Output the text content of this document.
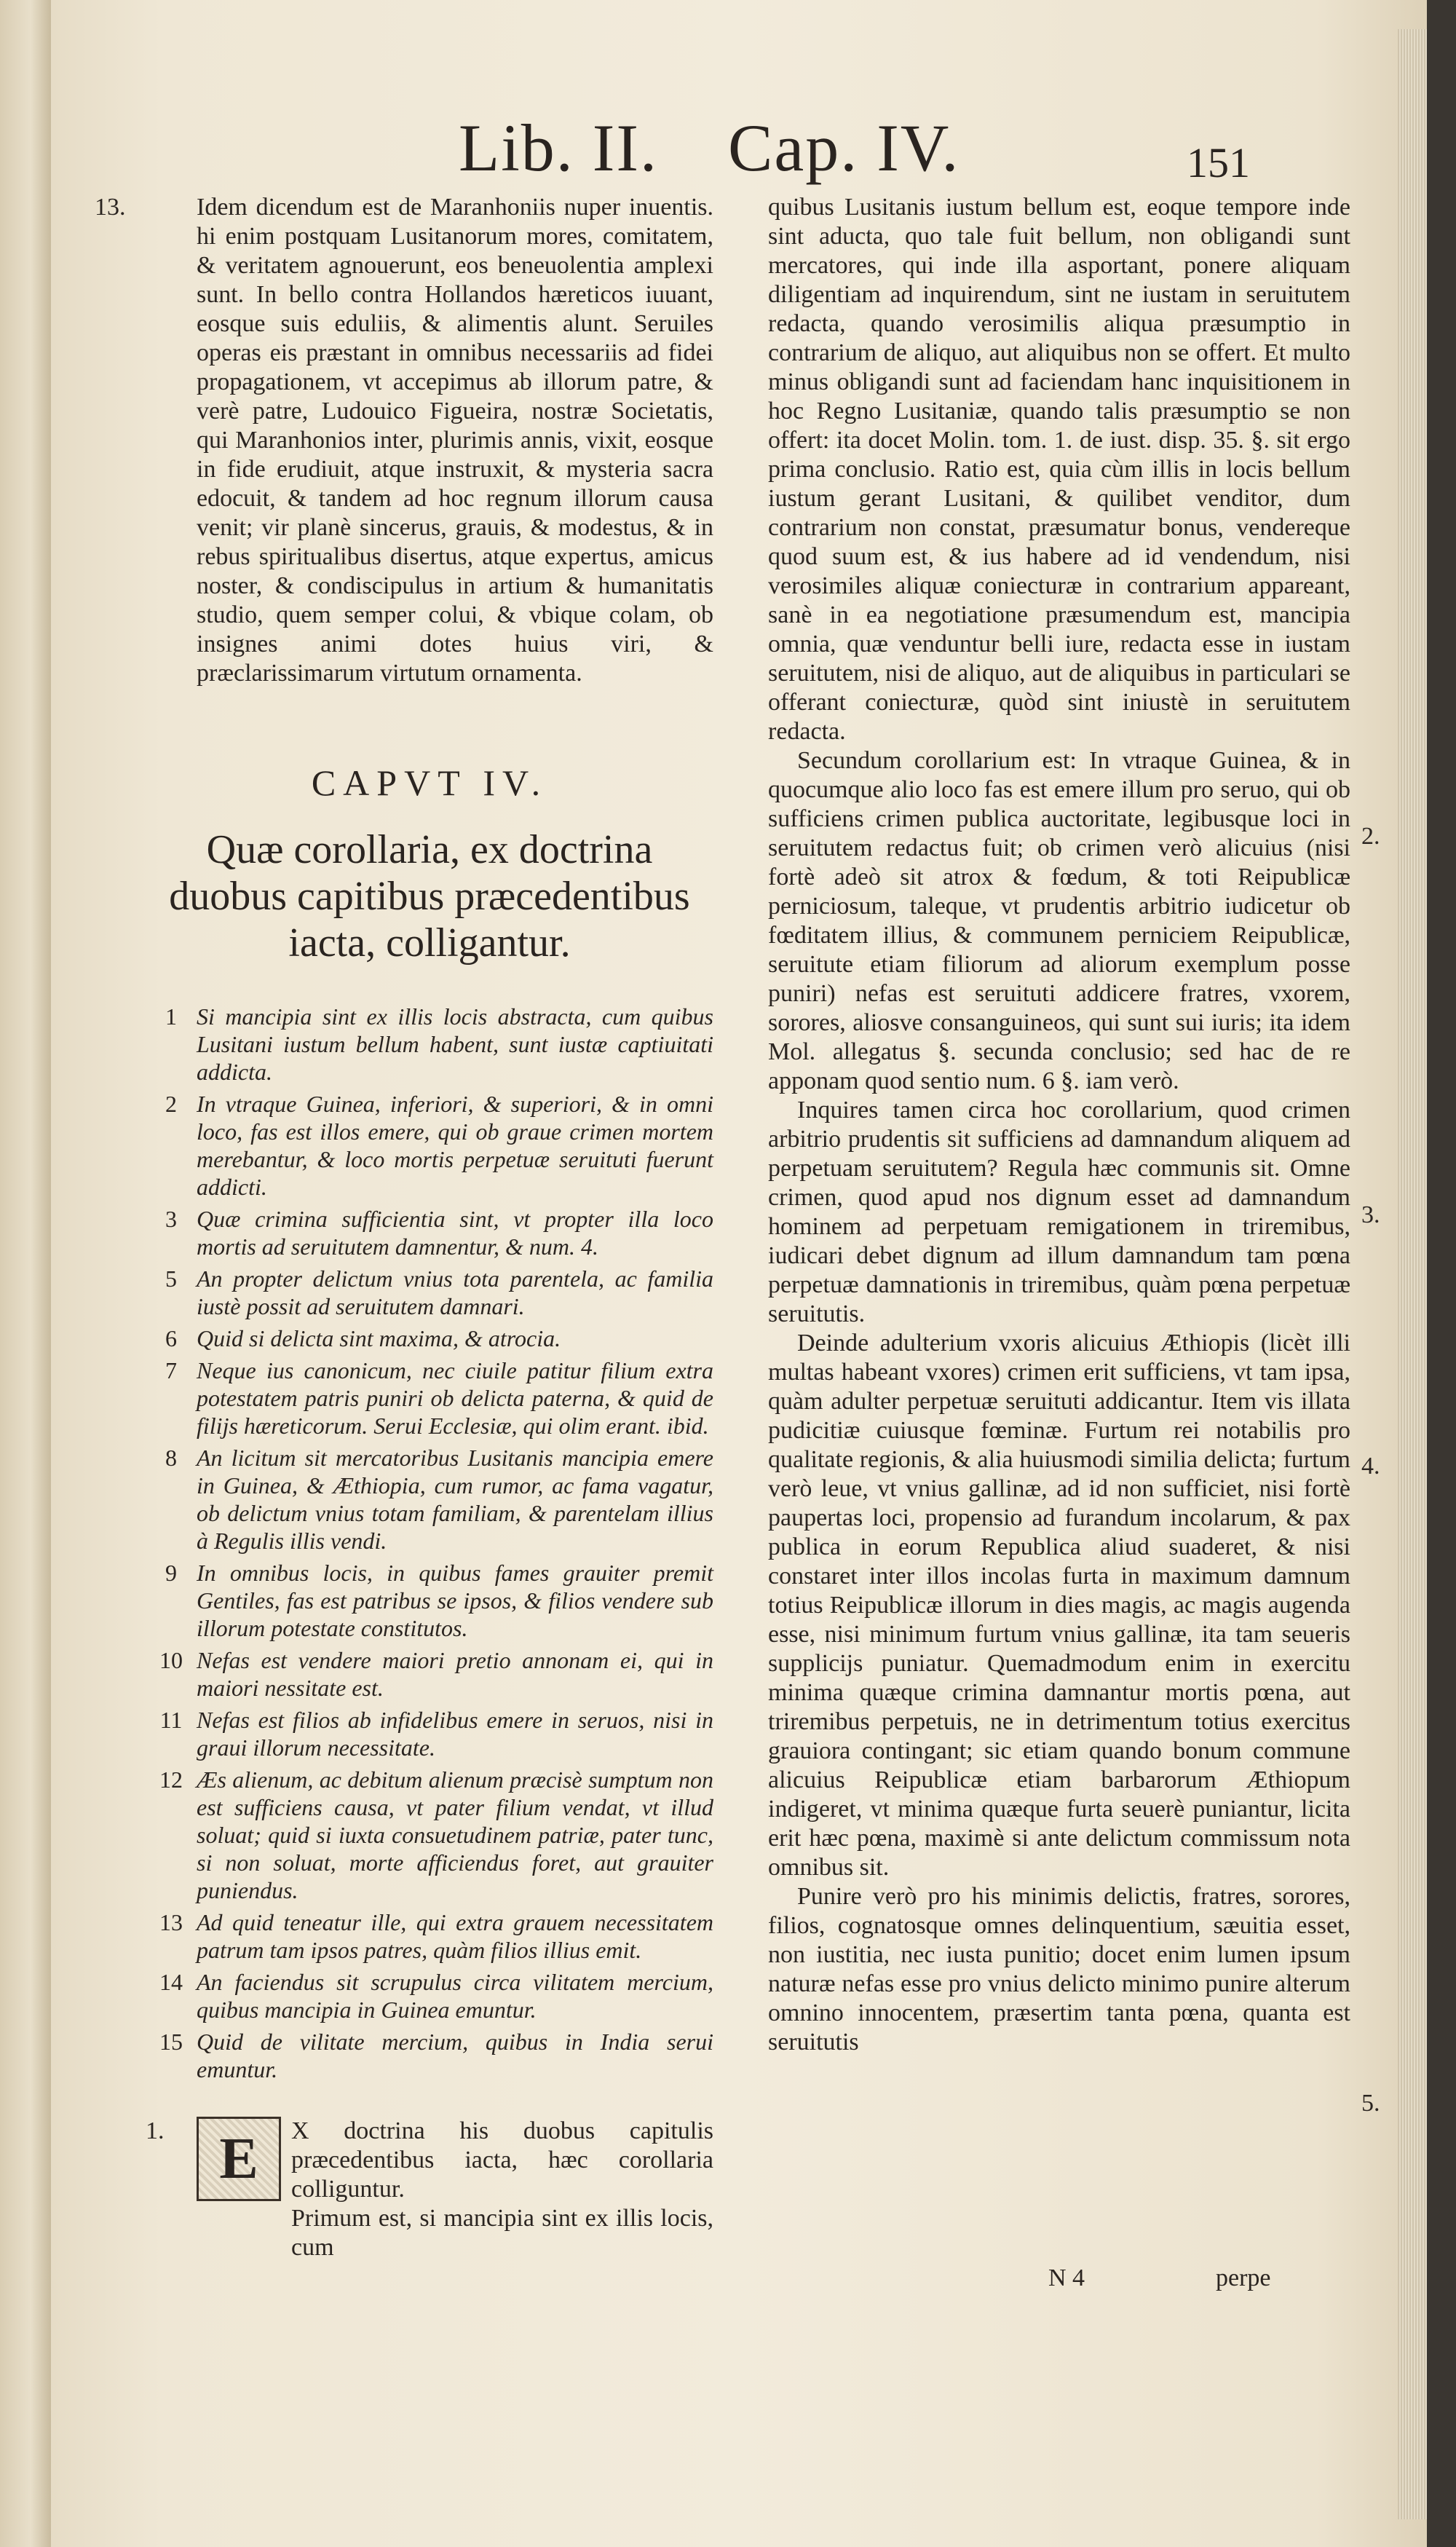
Lib. II. Cap. IV.	151

13.	Idem dicendum est de Maranhoniis nuper inuentis. hi enim postquam Lusitanorum mores, comitatem, & veritatem agnouerunt, eos beneuolentia amplexi sunt. In bello contra Hollandos hæreticos iuuant, eosque suis eduliis, & alimentis alunt. Seruiles operas eis præstant in omnibus necessariis ad fidei propagationem, vt accepimus ab illorum patre, & verè patre, Ludouico Figueira, nostræ Societatis, qui Maranhonios inter, plurimis annis, vixit, eosque in fide erudiuit, atque instruxit, & mysteria sacra edocuit, & tandem ad hoc regnum illorum causa venit; vir planè sincerus, grauis, & modestus, & in rebus spiritualibus disertus, atque expertus, amicus noster, & condiscipulus in artium & humanitatis studio, quem semper colui, & vbique colam, ob insignes animi dotes huius viri, & præclarissimarum virtutum ornamenta.

CAPVT IV.
Quæ corollaria, ex doctrina duobus capitibus præcedentibus iacta, colligantur.
1 Si mancipia sint ex illis locis abstracta, cum quibus Lusitani iustum bellum habent, sunt iustæ captiuitati addicta.
2 In vtraque Guinea, inferiori, & superiori, & in omni loco, fas est illos emere, qui ob graue crimen mortem merebantur, & loco mortis perpetuæ seruituti fuerunt addicti.
3 Quæ crimina sufficientia sint, vt propter illa loco mortis ad seruitutem damnentur, & num. 4.
5 An propter delictum vnius tota parentela, ac familia iustè possit ad seruitutem damnari.
6 Quid si delicta sint maxima, & atrocia.
7 Neque ius canonicum, nec ciuile patitur filium extra potestatem patris puniri ob delicta paterna, & quid de filijs hæreticorum. Serui Ecclesiæ, qui olim erant. ibid.
8 An licitum sit mercatoribus Lusitanis mancipia emere in Guinea, & Æthiopia, cum rumor, ac fama vagatur, ob delictum vnius totam familiam, & parentelam illius à Regulis illis vendi.
9 In omnibus locis, in quibus fames grauiter premit Gentiles, fas est patribus se ipsos, & filios vendere sub illorum potestate constitutos.
10 Nefas est vendere maiori pretio annonam ei, qui in maiori nessitate est.
11 Nefas est filios ab infidelibus emere in seruos, nisi in graui illorum necessitate.
12 Æs alienum, ac debitum alienum præcisè sumptum non est sufficiens causa, vt pater filium vendat, vt illud soluat; quid si iuxta consuetudinem patriæ, pater tunc, si non soluat, morte afficiendus foret, aut grauiter puniendus.
13 Ad quid teneatur ille, qui extra grauem necessitatem patrum tam ipsos patres, quàm filios illius emit.
14 An faciendus sit scrupulus circa vilitatem mercium, quibus mancipia in Guinea emuntur.
15 Quid de vilitate mercium, quibus in India serui emuntur.
1. E	X doctrina his duobus capitulis præcedentibus iacta, hæc corollaria colliguntur.
Primum est, si mancipia sint ex illis locis, cum

quibus Lusitanis iustum bellum est, eoque tempore inde sint aducta, quo tale fuit bellum, non obligandi sunt mercatores, qui inde illa asportant, ponere aliquam diligentiam ad inquirendum, sint ne iustam in seruitutem redacta, quando verosimilis aliqua præsumptio in contrarium de aliquo, aut aliquibus non se offert. Et multo minus obligandi sunt ad faciendam hanc inquisitionem in hoc Regno Lusitaniæ, quando talis præsumptio se non offert: ita docet Molin. tom. 1. de iust. disp. 35. §. sit ergo prima conclusio. Ratio est, quia cùm illis in locis bellum iustum gerant Lusitani, & quilibet venditor, dum contrarium non constat, præsumatur bonus, vendereque quod suum est, & ius habere ad id vendendum, nisi verosimiles aliquæ coniecturæ in contrarium appareant, sanè in ea negotiatione præsumendum est, mancipia omnia, quæ venduntur belli iure, redacta esse in iustam seruitutem, nisi de aliquo, aut de aliquibus in particulari se offerant coniecturæ, quòd sint iniustè in seruitutem redacta.

Secundum corollarium est: In vtraque Guinea, & in quocumque alio loco fas est emere illum pro seruo, qui ob sufficiens crimen publica auctoritate, legibusque loci in seruitutem redactus fuit; ob crimen verò alicuius (nisi fortè adeò sit atrox & fœdum, & toti Reipublicæ perniciosum, taleque, vt prudentis arbitrio iudicetur ob fœditatem illius, & communem perniciem Reipublicæ, seruitute etiam filiorum ad aliorum exemplum posse puniri) nefas est seruituti addicere fratres, vxorem, sorores, aliosve consanguineos, qui sunt sui iuris; ita idem Mol. allegatus §. secunda conclusio; sed hac de re apponam quod sentio num. 6 §. iam verò.

Inquires tamen circa hoc corollarium, quod crimen arbitrio prudentis sit sufficiens ad damnandum aliquem ad perpetuam seruitutem? Regula hæc communis sit. Omne crimen, quod apud nos dignum esset ad damnandum hominem ad perpetuam remigationem in triremibus, iudicari debet dignum ad illum damnandum tam pœna perpetuæ damnationis in triremibus, quàm pœna perpetuæ seruitutis.

Deinde adulterium vxoris alicuius Æthiopis (licèt illi multas habeant vxores) crimen erit sufficiens, vt tam ipsa, quàm adulter perpetuæ seruituti addicantur. Item vis illata pudicitiæ cuiusque fœminæ. Furtum rei notabilis pro qualitate regionis, & alia huiusmodi similia delicta; furtum verò leue, vt vnius gallinæ, ad id non sufficiet, nisi fortè paupertas loci, propensio ad furandum incolarum, & pax publica in eorum Republica aliud suaderet, & nisi constaret inter illos incolas furta in maximum damnum totius Reipublicæ illorum in dies magis, ac magis augenda esse, nisi minimum furtum vnius gallinæ, ita tam seueris supplicijs puniatur. Quemadmodum enim in exercitu minima quæque crimina damnantur mortis pœna, aut triremibus perpetuis, ne in detrimentum totius exercitus grauiora contingant; sic etiam quando bonum commune alicuius Reipublicæ etiam barbarorum Æthiopum indigeret, vt minima quæque furta seuerè puniantur, licita erit hæc pœna, maximè si ante delictum commissum nota omnibus sit.

Punire verò pro his minimis delictis, fratres, sorores, filios, cognatosque omnes delinquentium, sæuitia esset, non iustitia, nec iusta punitio; docet enim lumen ipsum naturæ nefas esse pro vnius delicto minimo punire alterum omnino innocentem, præsertim tanta pœna, quanta est seruitutis

2.
3.
4.
5.
N 4	perpe
